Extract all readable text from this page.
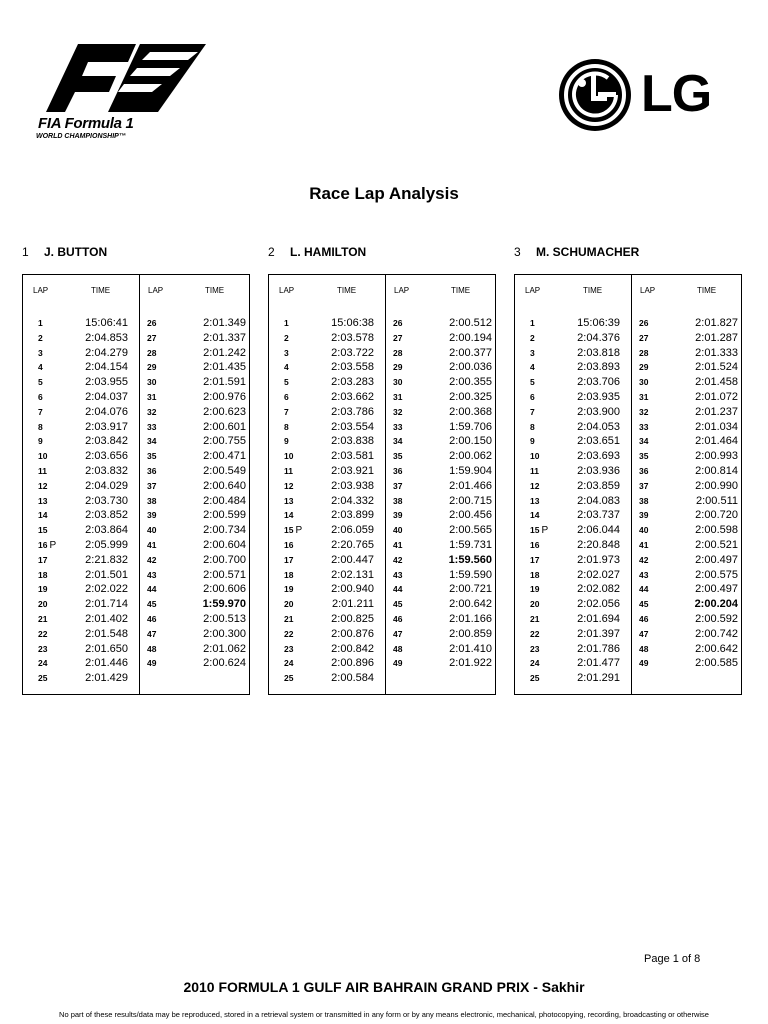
FIA Formula 1
WORLD CHAMPIONSHIP™
LG
Race Lap Analysis
1 J. BUTTON
LAP	TIME
1	15:06:41
2	2:04.853
3	2:04.279
4	2:04.154
5	2:03.955
6	2:04.037
7	2:04.076
8	2:03.917
9	2:03.842
10	2:03.656
11	2:03.832
12	2:04.029
13	2:03.730
14	2:03.852
15	2:03.864
16 P	2:05.999
17	2:21.832
18	2:01.501
19	2:02.022
20	2:01.714
21	2:01.402
22	2:01.548
23	2:01.650
24	2:01.446
25	2:01.429
LAP	TIME
26	2:01.349
27	2:01.337
28	2:01.242
29	2:01.435
30	2:01.591
31	2:00.976
32	2:00.623
33	2:00.601
34	2:00.755
35	2:00.471
36	2:00.549
37	2:00.640
38	2:00.484
39	2:00.599
40	2:00.734
41	2:00.604
42	2:00.700
43	2:00.571
44	2:00.606
45	1:59.970
46	2:00.513
47	2:00.300
48	2:01.062
49	2:00.624
2 L. HAMILTON
LAP	TIME
1	15:06:38
2	2:03.578
3	2:03.722
4	2:03.558
5	2:03.283
6	2:03.662
7	2:03.786
8	2:03.554
9	2:03.838
10	2:03.581
11	2:03.921
12	2:03.938
13	2:04.332
14	2:03.899
15 P	2:06.059
16	2:20.765
17	2:00.447
18	2:02.131
19	2:00.940
20	2:01.211
21	2:00.825
22	2:00.876
23	2:00.842
24	2:00.896
25	2:00.584
LAP	TIME
26	2:00.512
27	2:00.194
28	2:00.377
29	2:00.036
30	2:00.355
31	2:00.325
32	2:00.368
33	1:59.706
34	2:00.150
35	2:00.062
36	1:59.904
37	2:01.466
38	2:00.715
39	2:00.456
40	2:00.565
41	1:59.731
42	1:59.560
43	1:59.590
44	2:00.721
45	2:00.642
46	2:01.166
47	2:00.859
48	2:01.410
49	2:01.922
3 M. SCHUMACHER
LAP	TIME
1	15:06:39
2	2:04.376
3	2:03.818
4	2:03.893
5	2:03.706
6	2:03.935
7	2:03.900
8	2:04.053
9	2:03.651
10	2:03.693
11	2:03.936
12	2:03.859
13	2:04.083
14	2:03.737
15 P	2:06.044
16	2:20.848
17	2:01.973
18	2:02.027
19	2:02.082
20	2:02.056
21	2:01.694
22	2:01.397
23	2:01.786
24	2:01.477
25	2:01.291
LAP	TIME
26	2:01.827
27	2:01.287
28	2:01.333
29	2:01.524
30	2:01.458
31	2:01.072
32	2:01.237
33	2:01.034
34	2:01.464
35	2:00.993
36	2:00.814
37	2:00.990
38	2:00.511
39	2:00.720
40	2:00.598
41	2:00.521
42	2:00.497
43	2:00.575
44	2:00.497
45	2:00.204
46	2:00.592
47	2:00.742
48	2:00.642
49	2:00.585
Page 1 of 8
2010 FORMULA 1 GULF AIR BAHRAIN GRAND PRIX - Sakhir
No part of these results/data may be reproduced, stored in a retrieval system or transmitted in any form or by any means electronic, mechanical, photocopying, recording, broadcasting or otherwise
